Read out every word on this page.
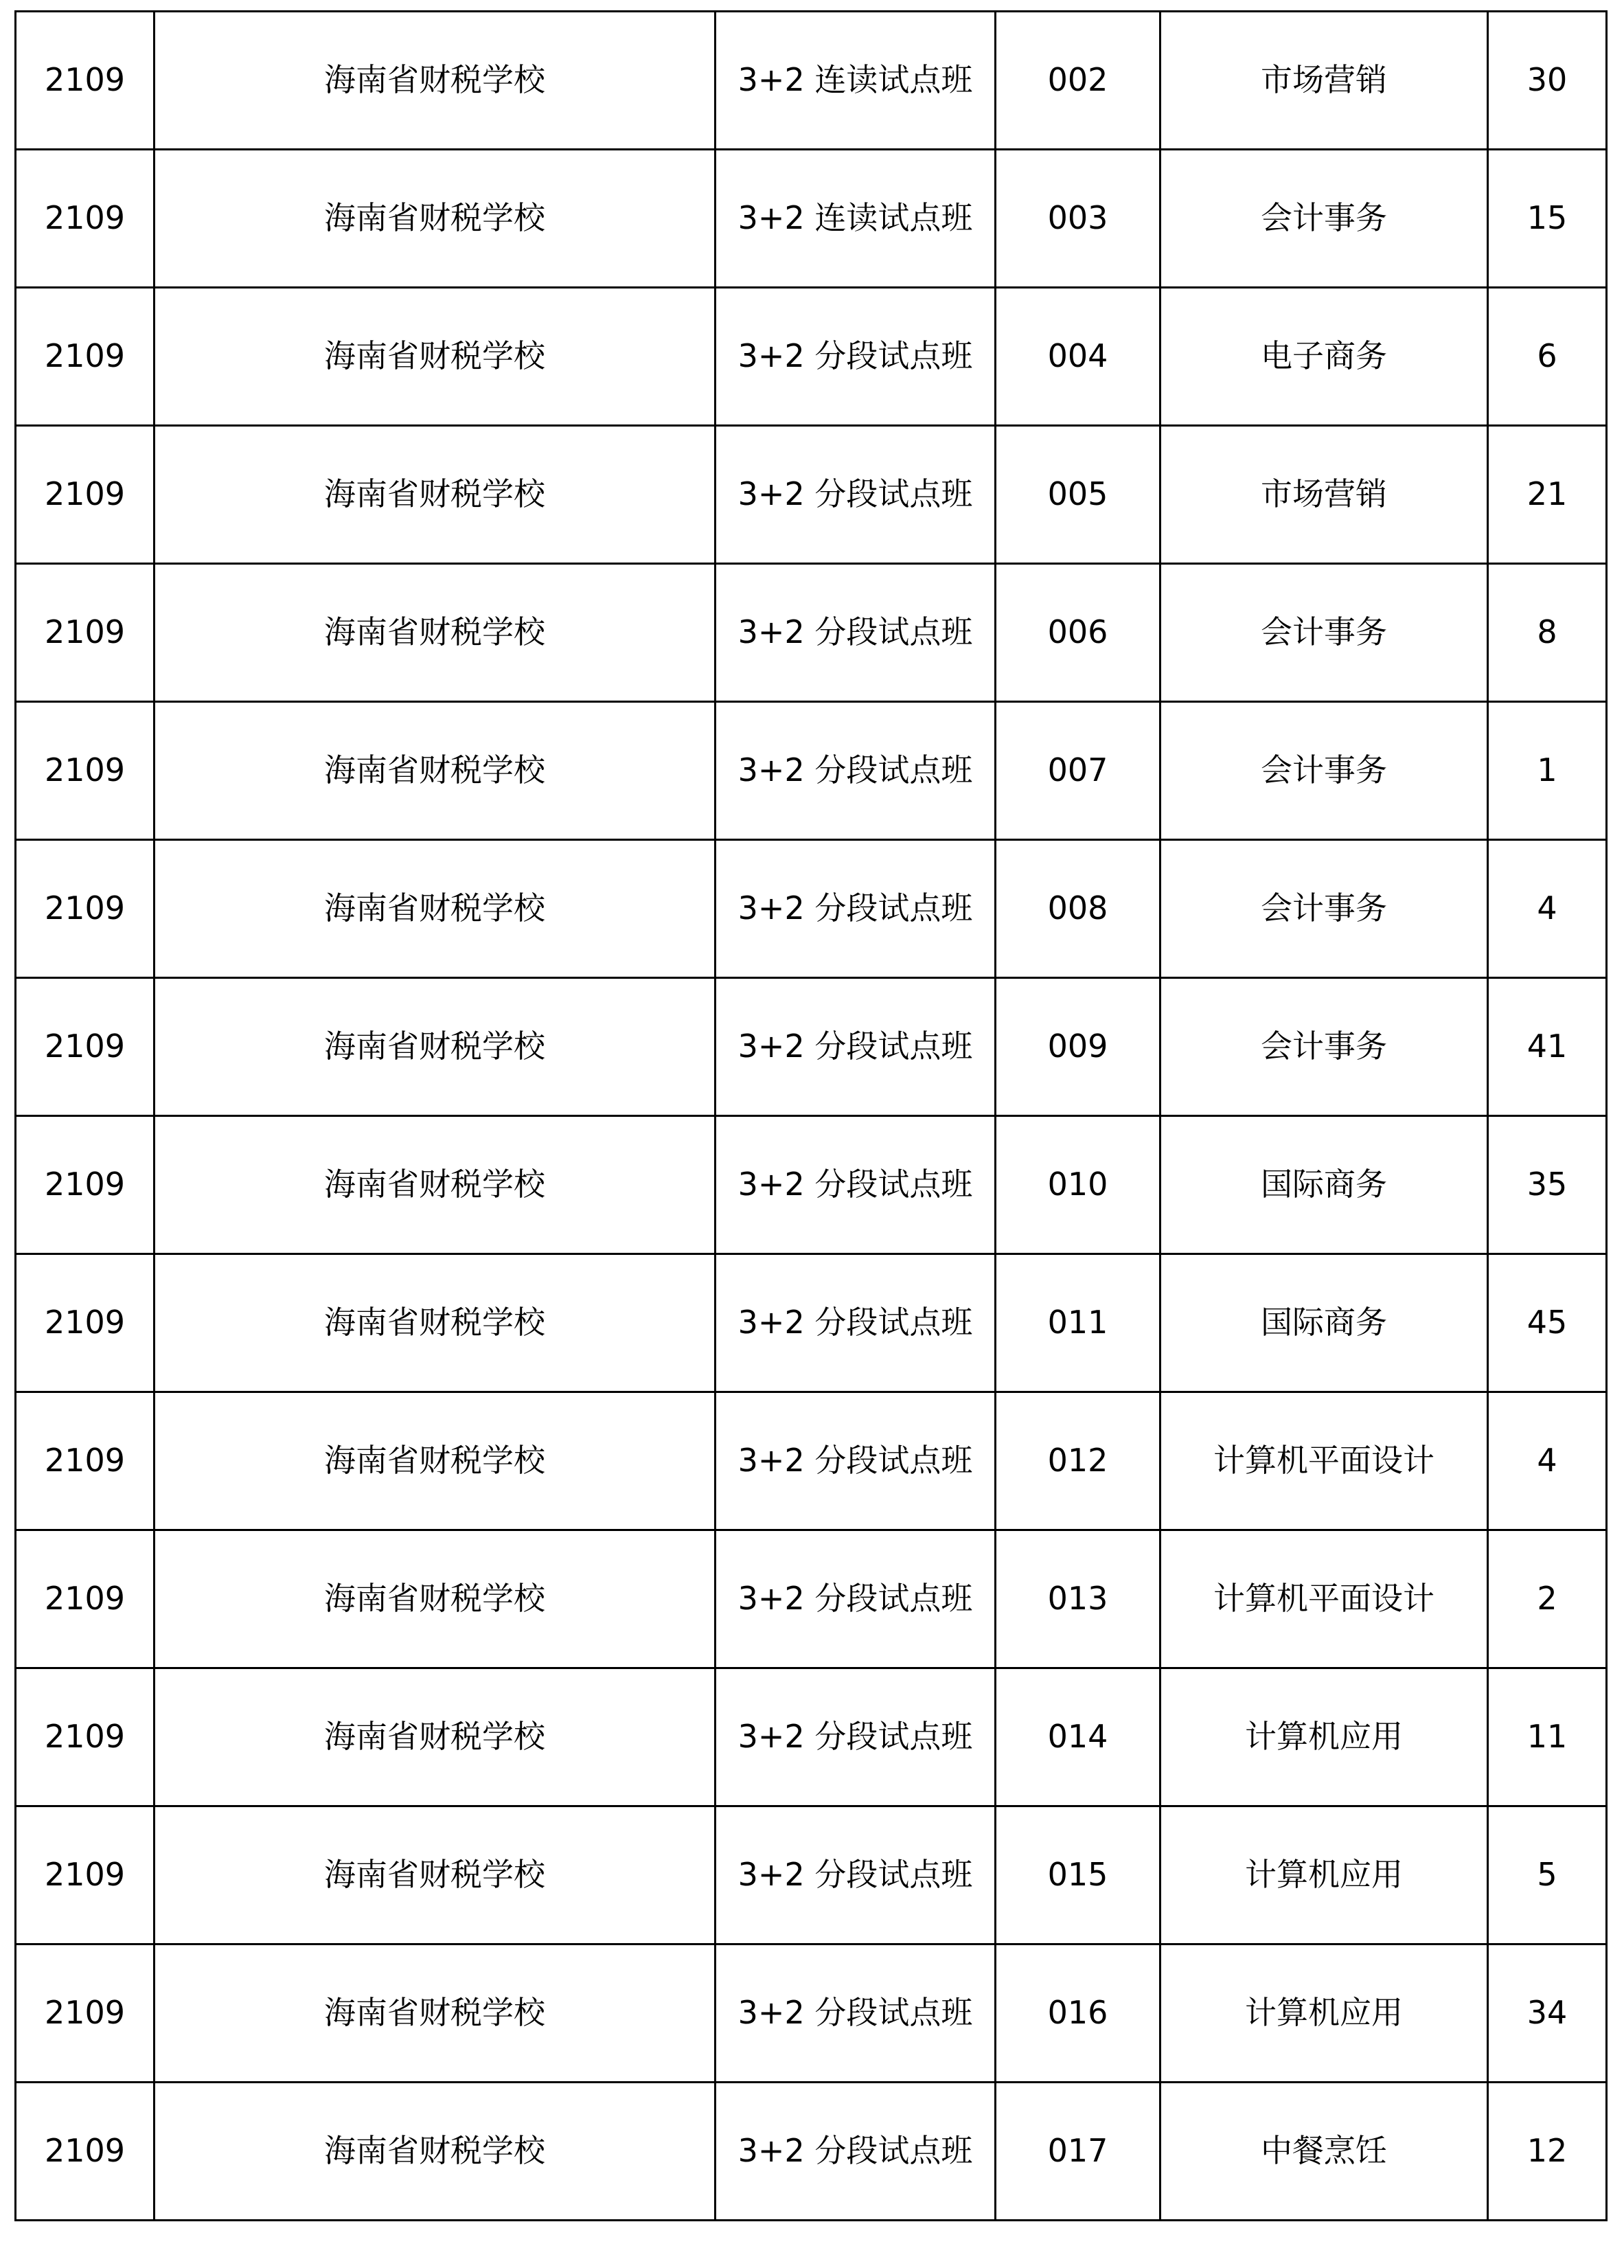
2109	海南省财税学校	3+2 连读试点班	002	市场营销	30
2109	海南省财税学校	3+2 连读试点班	003	会计事务	15
2109	海南省财税学校	3+2 分段试点班	004	电子商务	6
2109	海南省财税学校	3+2 分段试点班	005	市场营销	21
2109	海南省财税学校	3+2 分段试点班	006	会计事务	8
2109	海南省财税学校	3+2 分段试点班	007	会计事务	1
2109	海南省财税学校	3+2 分段试点班	008	会计事务	4
2109	海南省财税学校	3+2 分段试点班	009	会计事务	41
2109	海南省财税学校	3+2 分段试点班	010	国际商务	35
2109	海南省财税学校	3+2 分段试点班	011	国际商务	45
2109	海南省财税学校	3+2 分段试点班	012	计算机平面设计	4
2109	海南省财税学校	3+2 分段试点班	013	计算机平面设计	2
2109	海南省财税学校	3+2 分段试点班	014	计算机应用	11
2109	海南省财税学校	3+2 分段试点班	015	计算机应用	5
2109	海南省财税学校	3+2 分段试点班	016	计算机应用	34
2109	海南省财税学校	3+2 分段试点班	017	中餐烹饪	12
